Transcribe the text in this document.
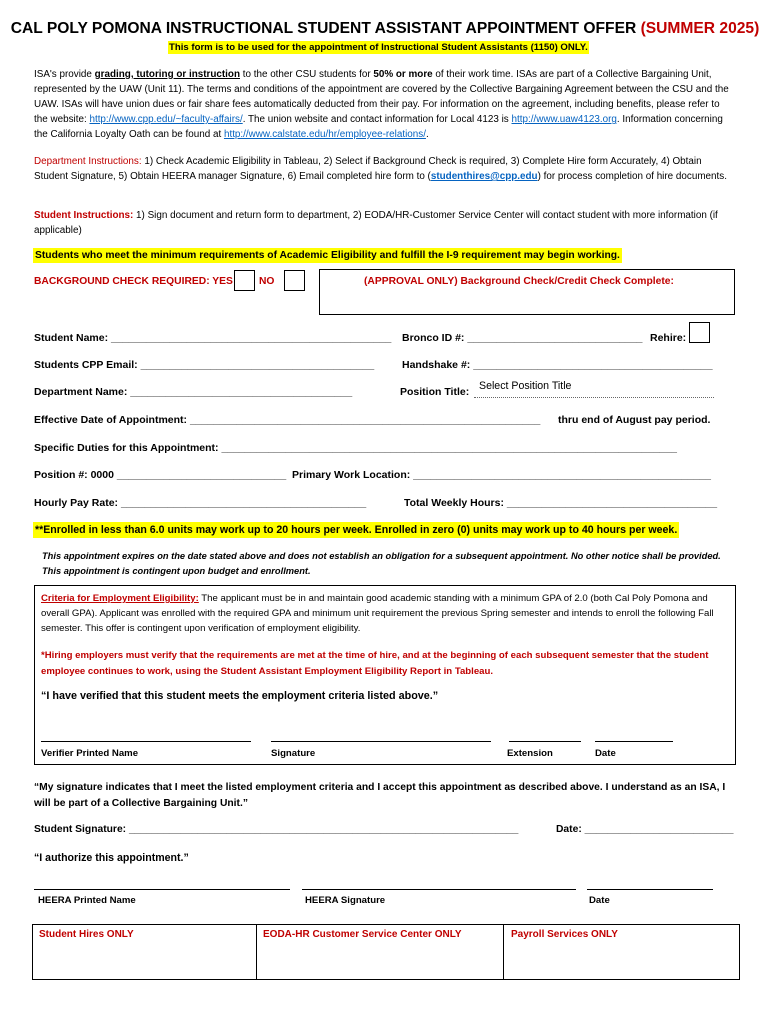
CAL POLY POMONA INSTRUCTIONAL STUDENT ASSISTANT APPOINTMENT OFFER (SUMMER 2025)
This form is to be used for the appointment of Instructional Student Assistants (1150) ONLY.
ISA's provide grading, tutoring or instruction to the other CSU students for 50% or more of their work time. ISAs are part of a Collective Bargaining Unit, represented by the UAW (Unit 11). The terms and conditions of the appointment are covered by the Collective Bargaining Agreement between the CSU and the UAW. ISAs will have union dues or fair share fees automatically deducted from their pay. For information on the agreement, including benefits, please refer to the website: http://www.cpp.edu/~faculty-affairs/. The union website and contact information for Local 4123 is http://www.uaw4123.org. Information concerning the California Loyalty Oath can be found at http://www.calstate.edu/hr/employee-relations/.
Department Instructions: 1) Check Academic Eligibility in Tableau, 2) Select if Background Check is required, 3) Complete Hire form Accurately, 4) Obtain Student Signature, 5) Obtain HEERA manager Signature, 6) Email completed hire form to (studenthires@cpp.edu) for process completion of hire documents.
Student Instructions: 1) Sign document and return form to department, 2) EODA/HR-Customer Service Center will contact student with more information (if applicable)
Students who meet the minimum requirements of Academic Eligibility and fulfill the I-9 requirement may begin working.
BACKGROUND CHECK REQUIRED: YES	NO	(APPROVAL ONLY) Background Check/Credit Check Complete:
Student Name: ________________________________________________ Bronco ID #: ______________________________ Rehire:
Students CPP Email: ________________________________________	Handshake #: _________________________________________
Department Name: ______________________________________	Position Title: Select Position Title
Effective Date of Appointment: ____________________________________________________________ thru end of August pay period.
Specific Duties for this Appointment: ______________________________________________________________________________
Position #: 0000 _____________________________ Primary Work Location: ___________________________________________________
Hourly Pay Rate: __________________________________________	Total Weekly Hours: ____________________________________
**Enrolled in less than 6.0 units may work up to 20 hours per week. Enrolled in zero (0) units may work up to 40 hours per week.
This appointment expires on the date stated above and does not establish an obligation for a subsequent appointment. No other notice shall be provided. This appointment is contingent upon budget and enrollment.
Criteria for Employment Eligibility: The applicant must be in and maintain good academic standing with a minimum GPA of 2.0 (both Cal Poly Pomona and overall GPA). Applicant was enrolled with the required GPA and minimum unit requirement the previous Spring semester and intends to enroll the following Fall semester. This offer is contingent upon verification of employment eligibility.
*Hiring employers must verify that the requirements are met at the time of hire, and at the beginning of each subsequent semester that the student employee continues to work, using the Student Assistant Employment Eligibility Report in Tableau.
“I have verified that this student meets the employment criteria listed above.”
Verifier Printed Name	Signature	Extension	Date
“My signature indicates that I meet the listed employment criteria and I accept this appointment as described above. I understand as an ISA, I will be part of a Collective Bargaining Unit.”
Student Signature: ____________________________________________________________________	Date: __________________________
“I authorize this appointment.”
HEERA Printed Name	HEERA Signature	Date
Student Hires ONLY	EODA-HR Customer Service Center ONLY	Payroll Services ONLY
